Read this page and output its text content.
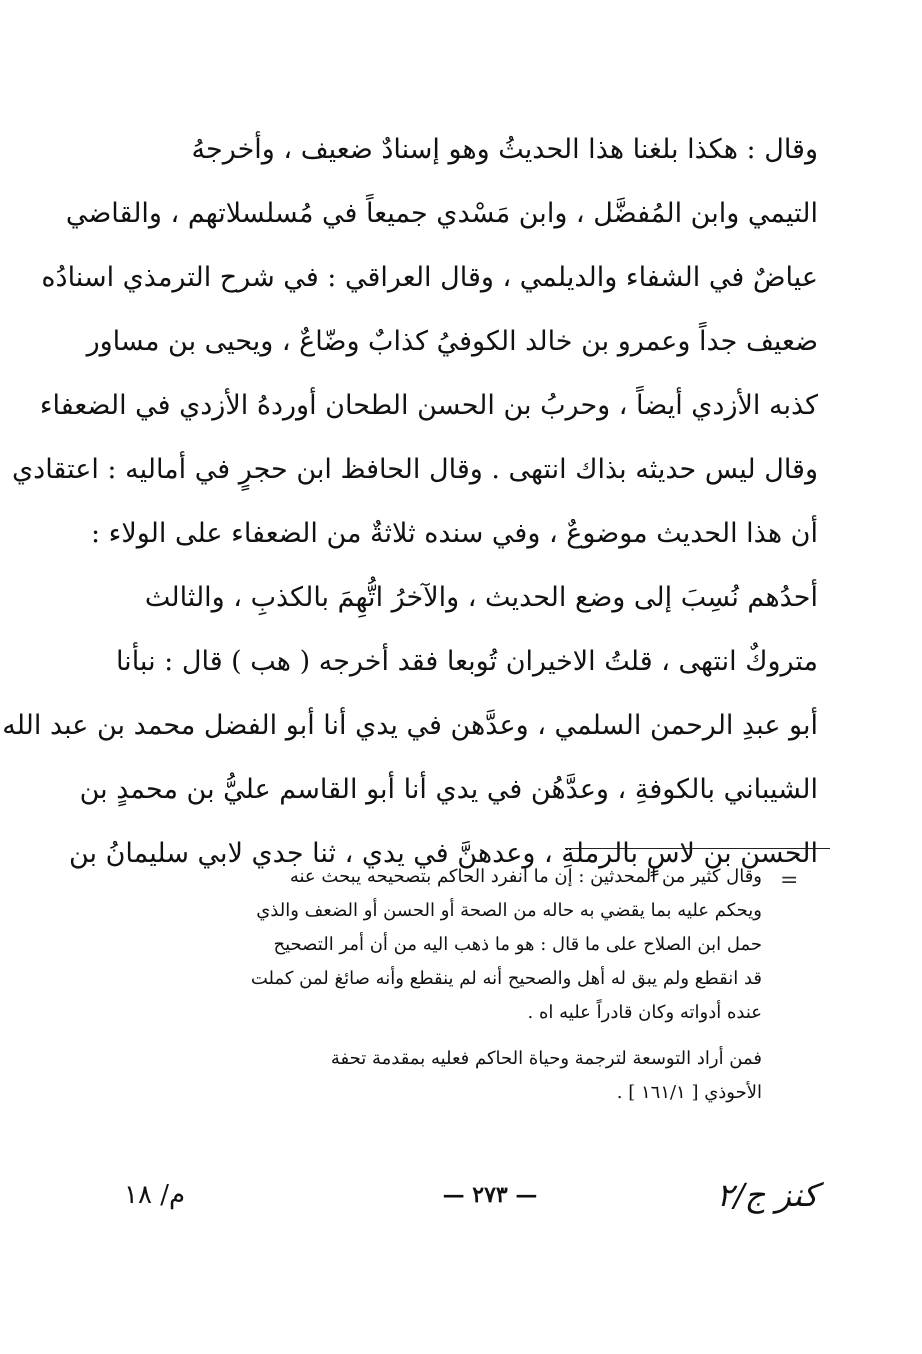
وقال : هكذا بلغنا هذا الحديثُ وهو إسنادٌ ضعيف ، وأخرجهُ
التيمي وابن المُفضَّل ، وابن مَسْدي جميعاً في مُسلسلاتهم ، والقاضي
عياضٌ في الشفاء والديلمي ، وقال العراقي : في شرح الترمذي اسنادُه
ضعيف جداً وعمرو بن خالد الكوفيُ كذابٌ وضّاعٌ ، ويحيى بن مساور
كذبه الأزدي أيضاً ، وحربُ بن الحسن الطحان أوردهُ الأزدي في الضعفاء
وقال ليس حديثه بذاك انتهى . وقال الحافظ ابن حجرٍ في أماليه : اعتقادي
أن هذا الحديث موضوعٌ ، وفي سنده ثلاثةٌ من الضعفاء على الولاء :
أحدُهم نُسِبَ إلى وضع الحديث ، والآخرُ اتُّهِمَ بالكذبِ ، والثالث
متروكٌ انتهى ، قلتُ الاخيران تُوبعا فقد أخرجه ( هب ) قال : نبأنا
أبو عبدِ الرحمن السلمي ، وعدَّهن في يدي أنا أبو الفضل محمد بن عبد الله
الشيباني بالكوفةِ ، وعدَّهُن في يدي أنا أبو القاسم عليُّ بن محمدٍ بن
الحسن بن لاسٍ بالرملةِ ، وعدهنَّ في يدي ، ثنا جدي لابي سليمانُ بن
=
وقال كثير من المحدثين : إن ما انفرد الحاكم بتصحيحه يبحث عنه
ويحكم عليه بما يقضي به حاله من الصحة أو الحسن أو الضعف والذي
حمل ابن الصلاح على ما قال : هو ما ذهب اليه من أن أمر التصحيح
قد انقطع ولم يبق له أهل والصحيح أنه لم ينقطع وأنه صائغ لمن كملت
عنده أدواته وكان قادراً عليه اه .
فمن أراد التوسعة لترجمة وحياة الحاكم فعليه بمقدمة تحفة
الأحوذي [ ١٦١/١ ] .
م/ ١٨	— ٢٧٣ —	كنز ج/٢
